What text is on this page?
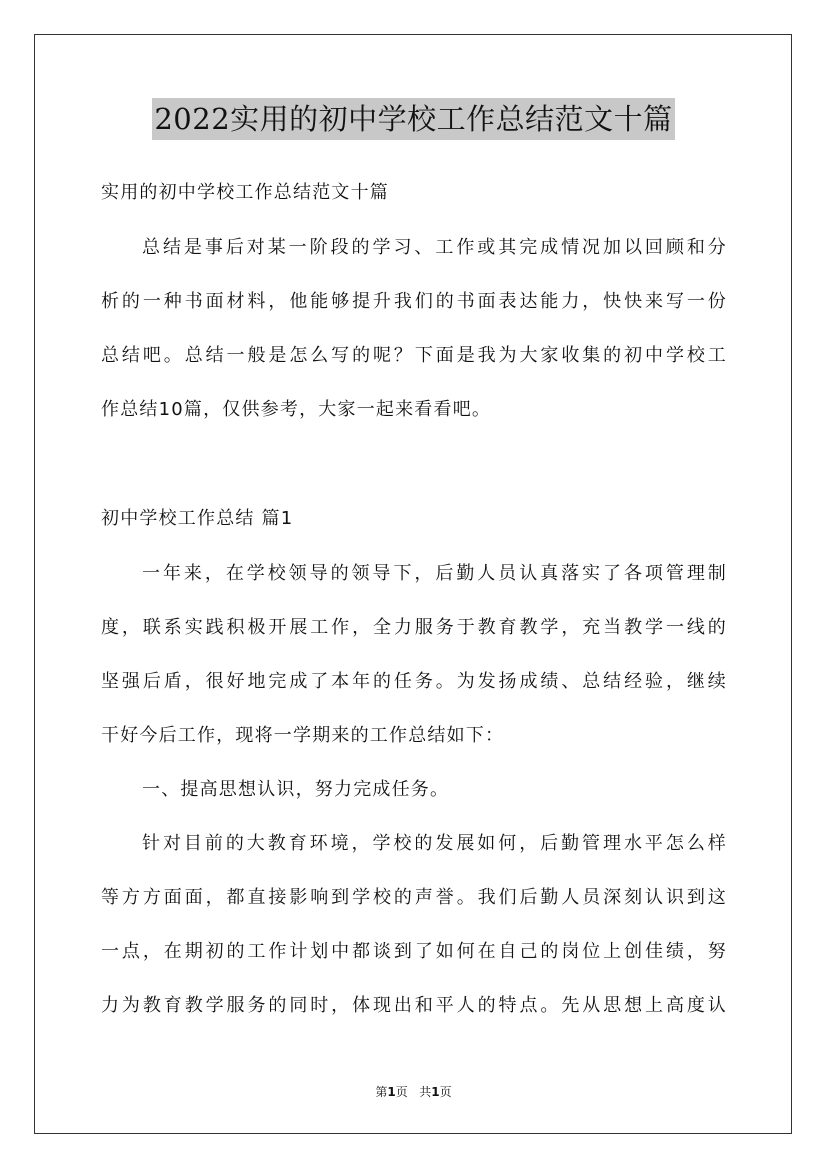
2022实用的初中学校工作总结范文十篇
实用的初中学校工作总结范文十篇
总结是事后对某一阶段的学习、工作或其完成情况加以回顾和分
析的一种书面材料，他能够提升我们的书面表达能力，快快来写一份
总结吧。总结一般是怎么写的呢？下面是我为大家收集的初中学校工
作总结10篇，仅供参考，大家一起来看看吧。
初中学校工作总结 篇1
一年来，在学校领导的领导下，后勤人员认真落实了各项管理制
度，联系实践积极开展工作，全力服务于教育教学，充当教学一线的
坚强后盾，很好地完成了本年的任务。为发扬成绩、总结经验，继续
干好今后工作，现将一学期来的工作总结如下：
一、提高思想认识，努力完成任务。
针对目前的大教育环境，学校的发展如何，后勤管理水平怎么样
等方方面面，都直接影响到学校的声誉。我们后勤人员深刻认识到这
一点，在期初的工作计划中都谈到了如何在自己的岗位上创佳绩，努
力为教育教学服务的同时，体现出和平人的特点。先从思想上高度认
第1页 共1页
